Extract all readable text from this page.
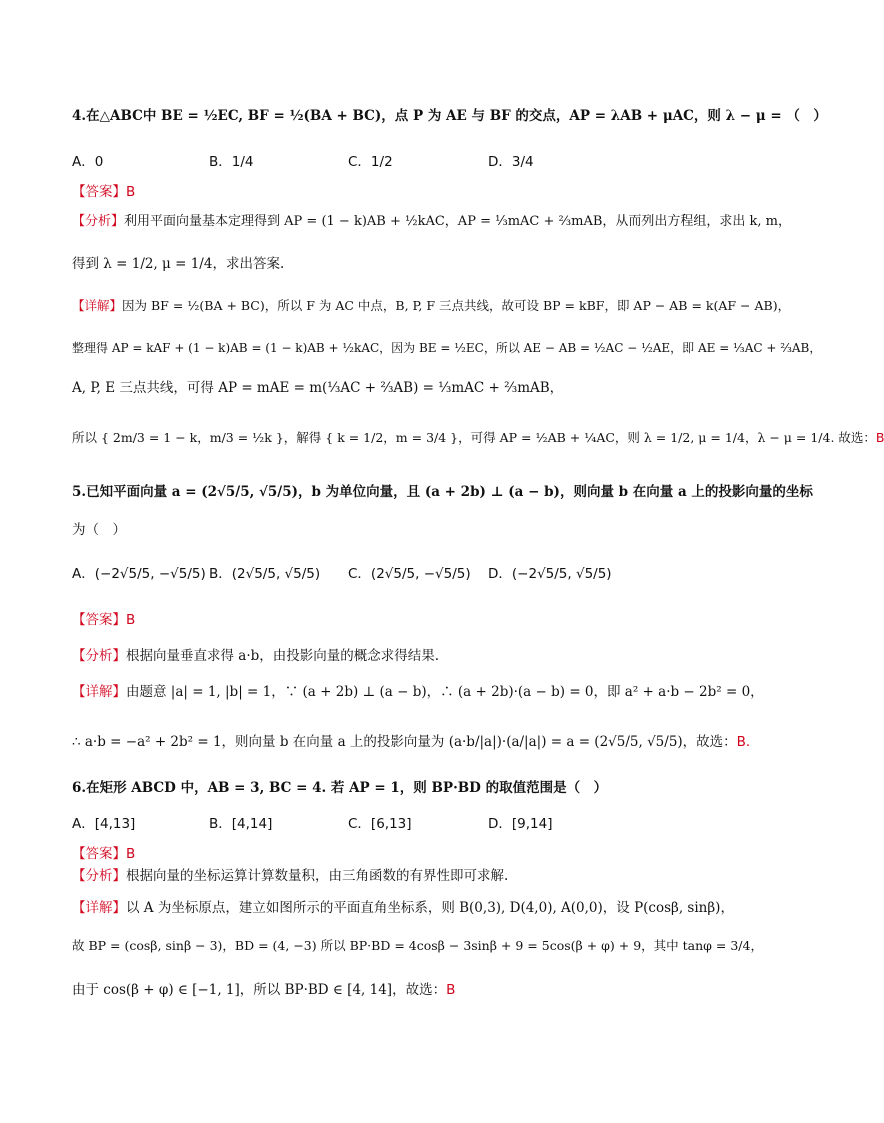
4.在△ABC中 BE = ½EC, BF = ½(BA + BC)，点 P 为 AE 与 BF 的交点，AP = λAB + μAC，则 λ − μ = （　）
A．0	B．1/4	C．1/2	D．3/4
【答案】B
【分析】利用平面向量基本定理得到 AP = (1 − k)AB + ½kAC，AP = ⅓mAC + ⅔mAB，从而列出方程组，求出 k, m，
得到 λ = 1/2, μ = 1/4，求出答案.
【详解】因为 BF = ½(BA + BC)，所以 F 为 AC 中点，B, P, F 三点共线，故可设 BP = kBF，即 AP − AB = k(AF − AB)，
整理得 AP = kAF + (1 − k)AB = (1 − k)AB + ½kAC，因为 BE = ½EC，所以 AE − AB = ½AC − ½AE，即 AE = ⅓AC + ⅔AB，
A, P, E 三点共线，可得 AP = mAE = m(⅓AC + ⅔AB) = ⅓mAC + ⅔mAB，
所以 { 2m/3 = 1 − k，m/3 = ½k }，解得 { k = 1/2，m = 3/4 }，可得 AP = ½AB + ¼AC，则 λ = 1/2, μ = 1/4，λ − μ = 1/4. 故选：B
5.已知平面向量 a = (2√5/5, √5/5)，b 为单位向量，且 (a + 2b) ⊥ (a − b)，则向量 b 在向量 a 上的投影向量的坐标
为（　）
A．(−2√5/5, −√5/5) B．(2√5/5, √5/5) C．(2√5/5, −√5/5) D．(−2√5/5, √5/5)
【答案】B
【分析】根据向量垂直求得 a·b，由投影向量的概念求得结果.
【详解】由题意 |a| = 1, |b| = 1，∵ (a + 2b) ⊥ (a − b)，∴ (a + 2b)·(a − b) = 0，即 a² + a·b − 2b² = 0，
∴ a·b = −a² + 2b² = 1，则向量 b 在向量 a 上的投影向量为 (a·b/|a|)·(a/|a|) = a = (2√5/5, √5/5)，故选：B.
6.在矩形 ABCD 中，AB = 3, BC = 4. 若 AP = 1，则 BP·BD 的取值范围是（　）
A．[4,13]	B．[4,14]	C．[6,13]	D．[9,14]
【答案】B
【分析】根据向量的坐标运算计算数量积，由三角函数的有界性即可求解.
【详解】以 A 为坐标原点，建立如图所示的平面直角坐标系，则 B(0,3), D(4,0), A(0,0)，设 P(cosβ, sinβ)，
故 BP = (cosβ, sinβ − 3)，BD = (4, −3) 所以 BP·BD = 4cosβ − 3sinβ + 9 = 5cos(β + φ) + 9，其中 tanφ = 3/4，
由于 cos(β + φ) ∈ [−1, 1]，所以 BP·BD ∈ [4, 14]，故选：B
